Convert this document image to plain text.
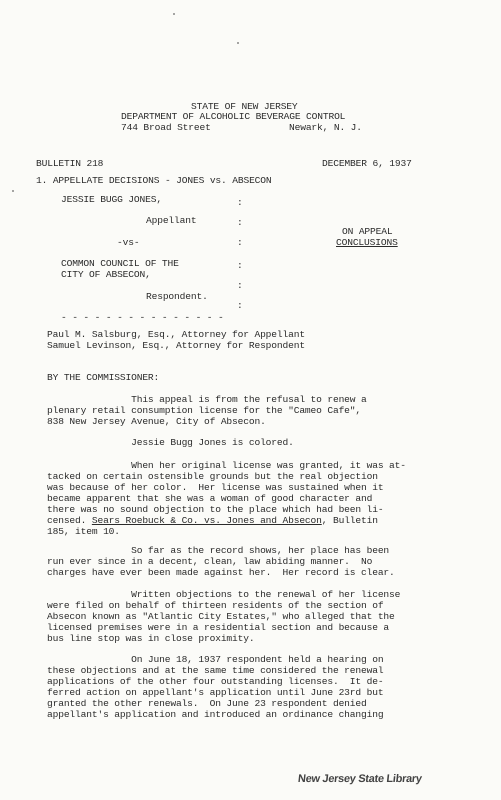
STATE OF NEW JERSEY
DEPARTMENT OF ALCOHOLIC BEVERAGE CONTROL
744 Broad Street	Newark, N. J.
BULLETIN 218	DECEMBER 6, 1937
1. APPELLATE DECISIONS - JONES vs. ABSECON
JESSIE BUGG JONES,
Appellant
-vs-
COMMON COUNCIL OF THE
CITY OF ABSECON,
Respondent.
- - - - - - - - - - - - - - -
:
:
:
:
:
:
ON APPEAL
CONCLUSIONS
Paul M. Salsburg, Esq., Attorney for Appellant
Samuel Levinson, Esq., Attorney for Respondent
BY THE COMMISSIONER:
This appeal is from the refusal to renew a
plenary retail consumption license for the "Cameo Cafe",
838 New Jersey Avenue, City of Absecon.
Jessie Bugg Jones is colored.
When her original license was granted, it was at-
tacked on certain ostensible grounds but the real objection
was because of her color.  Her license was sustained when it
became apparent that she was a woman of good character and
there was no sound objection to the place which had been li-
censed. Sears Roebuck & Co. vs. Jones and Absecon, Bulletin
185, item 10.
So far as the record shows, her place has been
run ever since in a decent, clean, law abiding manner.  No
charges have ever been made against her.  Her record is clear.
Written objections to the renewal of her license
were filed on behalf of thirteen residents of the section of
Absecon known as "Atlantic City Estates," who alleged that the
licensed premises were in a residential section and because a
bus line stop was in close proximity.
On June 18, 1937 respondent held a hearing on
these objections and at the same time considered the renewal
applications of the other four outstanding licenses.  It de-
ferred action on appellant's application until June 23rd but
granted the other renewals.  On June 23 respondent denied
appellant's application and introduced an ordinance changing
New Jersey State Library
